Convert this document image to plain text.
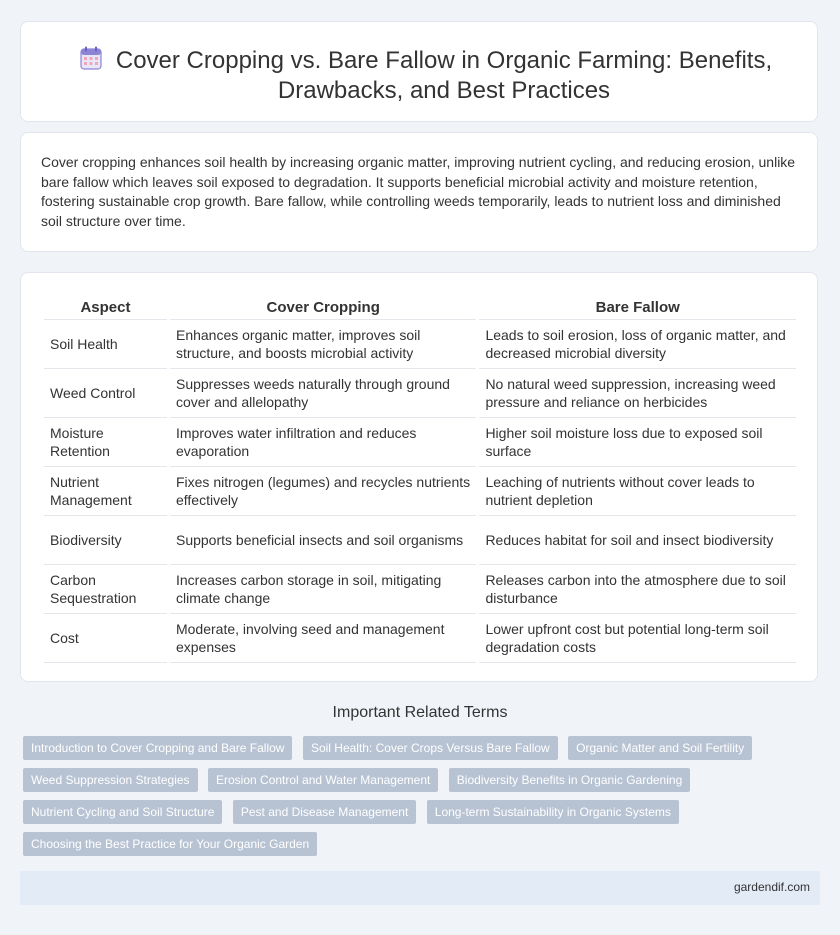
Cover Cropping vs. Bare Fallow in Organic Farming: Benefits, Drawbacks, and Best Practices

Cover cropping enhances soil health by increasing organic matter, improving nutrient cycling, and reducing erosion, unlike bare fallow which leaves soil exposed to degradation. It supports beneficial microbial activity and moisture retention, fostering sustainable crop growth. Bare fallow, while controlling weeds temporarily, leads to nutrient loss and diminished soil structure over time.

Aspect	Cover Cropping	Bare Fallow
Soil Health	Enhances organic matter, improves soil structure, and boosts microbial activity	Leads to soil erosion, loss of organic matter, and decreased microbial diversity
Weed Control	Suppresses weeds naturally through ground cover and allelopathy	No natural weed suppression, increasing weed pressure and reliance on herbicides
Moisture Retention	Improves water infiltration and reduces evaporation	Higher soil moisture loss due to exposed soil surface
Nutrient Management	Fixes nitrogen (legumes) and recycles nutrients effectively	Leaching of nutrients without cover leads to nutrient depletion
Biodiversity	Supports beneficial insects and soil organisms	Reduces habitat for soil and insect biodiversity
Carbon Sequestration	Increases carbon storage in soil, mitigating climate change	Releases carbon into the atmosphere due to soil disturbance
Cost	Moderate, involving seed and management expenses	Lower upfront cost but potential long-term soil degradation costs
Important Related Terms
Introduction to Cover Cropping and Bare Fallow Soil Health: Cover Crops Versus Bare Fallow Organic Matter and Soil Fertility Weed Suppression Strategies Erosion Control and Water Management Biodiversity Benefits in Organic Gardening Nutrient Cycling and Soil Structure Pest and Disease Management Long-term Sustainability in Organic Systems Choosing the Best Practice for Your Organic Garden
gardendif.com
